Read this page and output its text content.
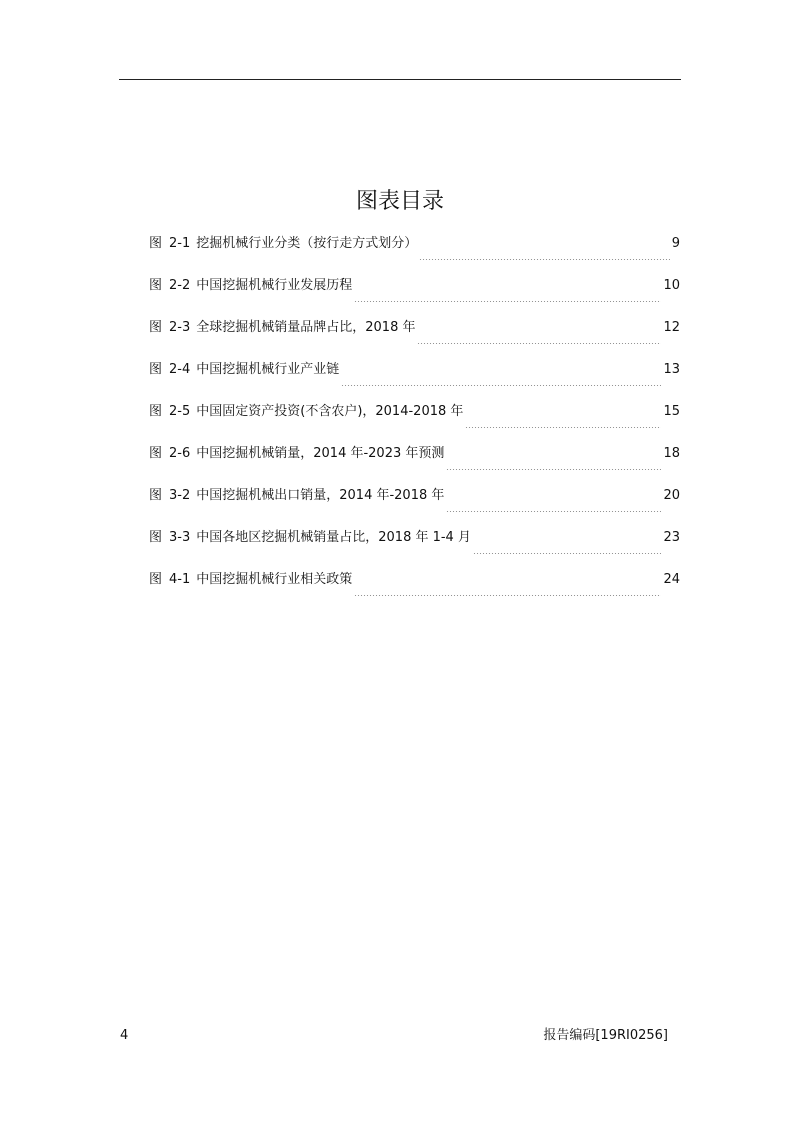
图表目录
图 2-1 挖掘机械行业分类（按行走方式划分）	9
图 2-2 中国挖掘机械行业发展历程	10
图 2-3 全球挖掘机械销量品牌占比，2018 年	12
图 2-4 中国挖掘机械行业产业链	13
图 2-5 中国固定资产投资(不含农户)，2014-2018 年	15
图 2-6 中国挖掘机械销量，2014 年-2023 年预测	18
图 3-2 中国挖掘机械出口销量，2014 年-2018 年	20
图 3-3 中国各地区挖掘机械销量占比，2018 年 1-4 月	23
图 4-1 中国挖掘机械行业相关政策	24
4	报告编码[19RI0256]
